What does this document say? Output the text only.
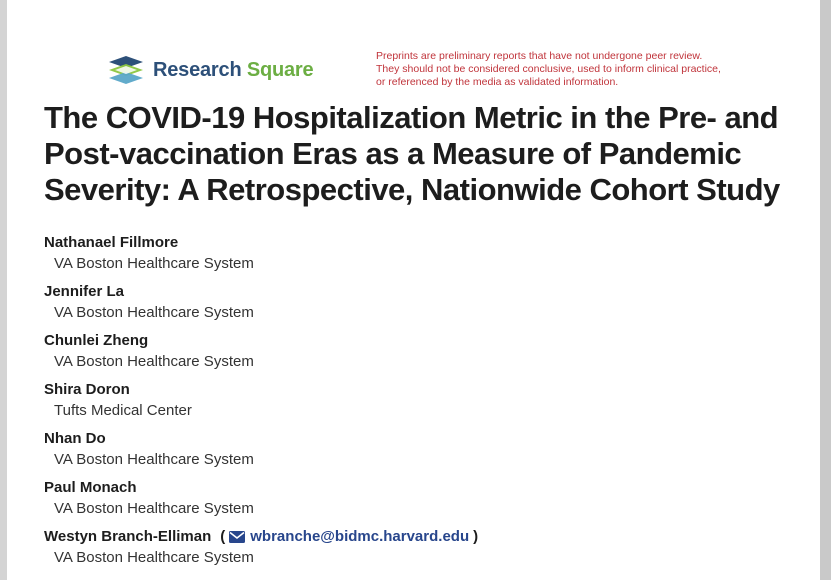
Research Square
Preprints are preliminary reports that have not undergone peer review.
They should not be considered conclusive, used to inform clinical practice,
or referenced by the media as validated information.
The COVID-19 Hospitalization Metric in the Pre- and
Post-vaccination Eras as a Measure of Pandemic
Severity: A Retrospective, Nationwide Cohort Study
Nathanael Fillmore
VA Boston Healthcare System
Jennifer La
VA Boston Healthcare System
Chunlei Zheng
VA Boston Healthcare System
Shira Doron
Tufts Medical Center
Nhan Do
VA Boston Healthcare System
Paul Monach
VA Boston Healthcare System
Westyn Branch-Elliman ( wbranche@bidmc.harvard.edu )
VA Boston Healthcare System
